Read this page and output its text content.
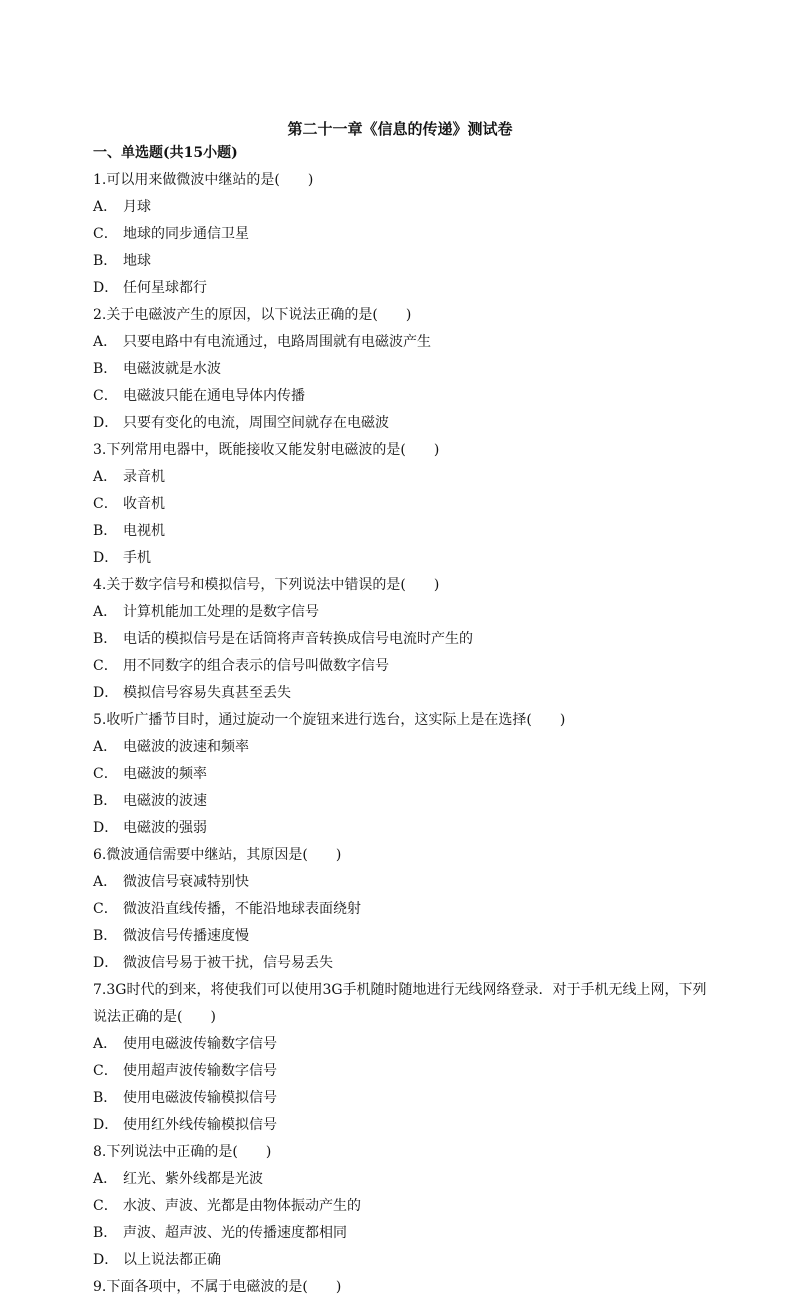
第二十一章《信息的传递》测试卷
一、单选题(共15小题)

1.可以用来做微波中继站的是(　　)

A． 月球
C． 地球的同步通信卫星
B． 地球
D． 任何星球都行

2.关于电磁波产生的原因，以下说法正确的是(　　)

A． 只要电路中有电流通过，电路周围就有电磁波产生
B． 电磁波就是水波
C． 电磁波只能在通电导体内传播
D． 只要有变化的电流，周围空间就存在电磁波

3.下列常用电器中，既能接收又能发射电磁波的是(　　)

A． 录音机
C． 收音机
B． 电视机
D． 手机

4.关于数字信号和模拟信号，下列说法中错误的是(　　)

A． 计算机能加工处理的是数字信号
B． 电话的模拟信号是在话筒将声音转换成信号电流时产生的
C． 用不同数字的组合表示的信号叫做数字信号
D． 模拟信号容易失真甚至丢失

5.收听广播节目时，通过旋动一个旋钮来进行选台，这实际上是在选择(　　)

A． 电磁波的波速和频率
C． 电磁波的频率
B． 电磁波的波速
D． 电磁波的强弱

6.微波通信需要中继站，其原因是(　　)

A． 微波信号衰减特别快
C． 微波沿直线传播，不能沿地球表面绕射
B． 微波信号传播速度慢
D． 微波信号易于被干扰，信号易丢失

7.3G时代的到来，将使我们可以使用3G手机随时随地进行无线网络登录．对于手机无线上网，下列说法正确的是(　　)

A． 使用电磁波传输数字信号
C． 使用超声波传输数字信号
B． 使用电磁波传输模拟信号
D． 使用红外线传输模拟信号

8.下列说法中正确的是(　　)

A． 红光、紫外线都是光波
C． 水波、声波、光都是由物体振动产生的
B． 声波、超声波、光的传播速度都相同
D． 以上说法都正确

9.下面各项中，不属于电磁波的是(　　)
